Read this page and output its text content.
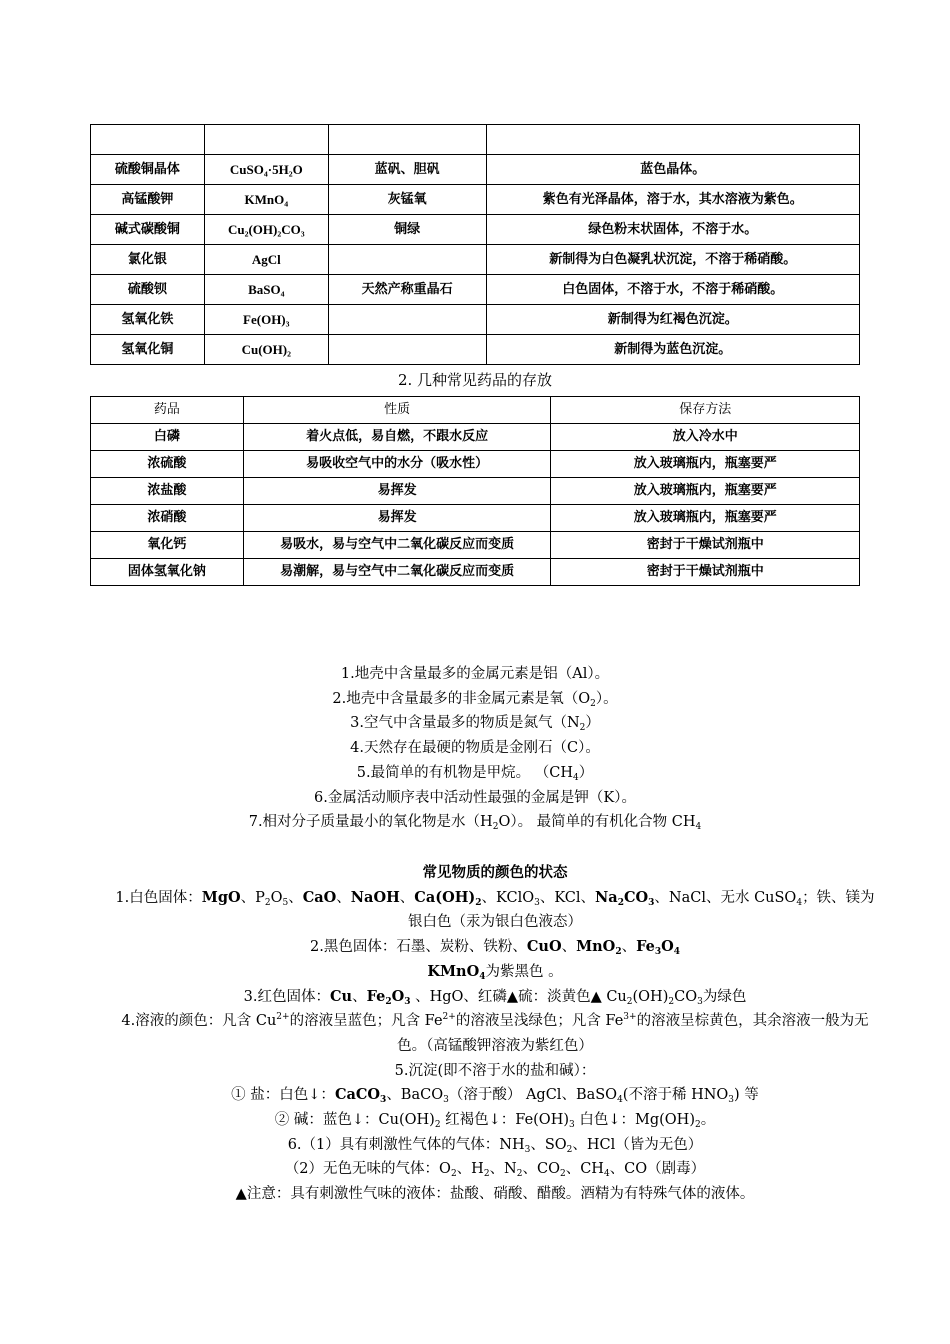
硫酸铜晶体	CuSO₄·5H₂O	蓝矾、胆矾	蓝色晶体。
高锰酸钾	KMnO₄	灰锰氧	紫色有光泽晶体，溶于水，其水溶液为紫色。
碱式碳酸铜	Cu₂(OH)₂CO₃	铜绿	绿色粉末状固体，不溶于水。
氯化银	AgCl		新制得为白色凝乳状沉淀，不溶于稀硝酸。
硫酸钡	BaSO₄	天然产称重晶石	白色固体，不溶于水，不溶于稀硝酸。
氢氧化铁	Fe(OH)₃		新制得为红褐色沉淀。
氢氧化铜	Cu(OH)₂		新制得为蓝色沉淀。
2. 几种常见药品的存放
药品	性质	保存方法
白磷	着火点低，易自燃，不跟水反应	放入冷水中
浓硫酸	易吸收空气中的水分（吸水性）	放入玻璃瓶内，瓶塞要严
浓盐酸	易挥发	放入玻璃瓶内，瓶塞要严
浓硝酸	易挥发	放入玻璃瓶内，瓶塞要严
氧化钙	易吸水，易与空气中二氧化碳反应而变质	密封于干燥试剂瓶中
固体氢氧化钠	易潮解，易与空气中二氧化碳反应而变质	密封于干燥试剂瓶中

1.地壳中含量最多的金属元素是铝（Al）。

2.地壳中含量最多的非金属元素是氧$(O_2)$。

3.空气中含量最多的物质是氮气$(N_2)$

4.天然存在最硬的物质是金刚石（C）。

5.最简单的有机物是甲烷。 $(CH_4)$

6.金属活动顺序表中活动性最强的金属是钾（K）。

7.相对分子质量最小的氧化物是水$(H_2O)$。 最简单的有机化合物 $CH_4$

常见物质的颜色的状态

1.白色固体：MgO、$P_2O_5$、CaO、NaOH、$Ca(OH)_2$、KClO$_3$、KCl、$Na_2CO_3$、NaCl、无水 CuSO$_4$；铁、镁为银白色（汞为银白色液态）

2.黑色固体：石墨、炭粉、铁粉、CuO、MnO$_2$、$Fe_3O_4$

KMnO$_4$为紫黑色 。

3.红色固体：Cu、$Fe_2O_3$ 、HgO、红磷▲硫：淡黄色▲ $Cu_2(OH)_2CO_3$为绿色

4.溶液的颜色：凡含 $Cu^{2+}$的溶液呈蓝色；凡含 $Fe^{2+}$的溶液呈浅绿色；凡含 $Fe^{3+}$的溶液呈棕黄色，其余溶液一般为无色。（高锰酸钾溶液为紫红色）

5.沉淀(即不溶于水的盐和碱）：

① 盐：白色↓：CaCO$_3$、BaCO$_3$（溶于酸） AgCl、BaSO$_4$(不溶于稀 $HNO_3$) 等

② 碱：蓝色↓：$Cu(OH)_2$ 红褐色↓：$Fe(OH)_3$ 白色↓：$Mg(OH)_2$。

6.（1）具有刺激性气体的气体：$NH_3$、$SO_2$、HCl（皆为无色）

（2）无色无味的气体：$O_2$、$H_2$、$N_2$、$CO_2$、$CH_4$、CO（剧毒）

▲注意：具有刺激性气味的液体：盐酸、硝酸、醋酸。酒精为有特殊气体的液体。
